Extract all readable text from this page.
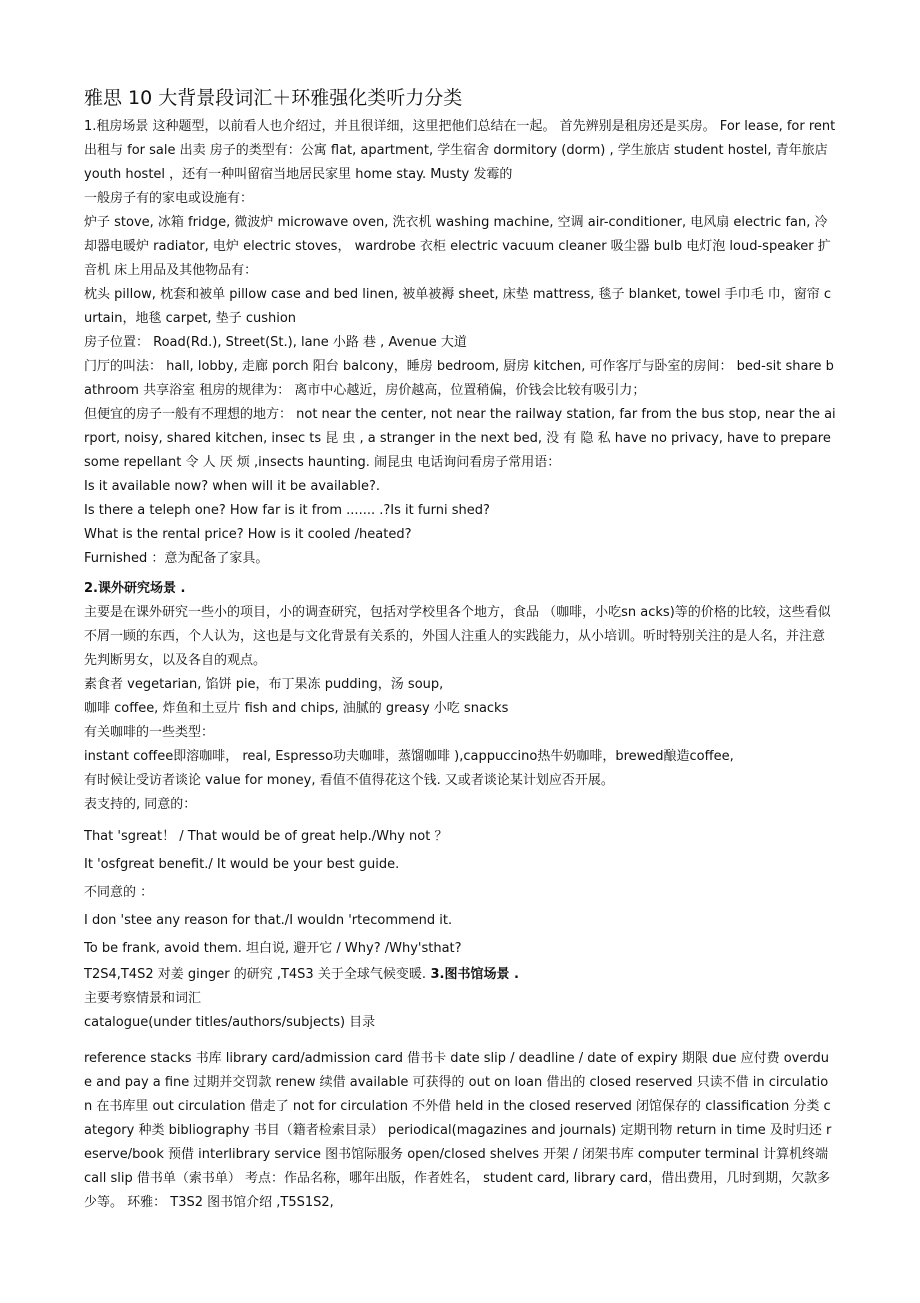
雅思 10 大背景段词汇＋环雅强化类听力分类

1.租房场景 这种题型，以前看人也介绍过，并且很详细，这里把他们总结在一起。 首先辨别是租房还是买房。 For lease, for rent 出租与 for sale 出卖 房子的类型有：公寓 flat, apartment, 学生宿舍 dormitory (dorm) , 学生旅店 student hostel, 青年旅店 youth hostel ，还有一种叫留宿当地居民家里 home stay. Musty 发霉的

一般房子有的家电或设施有：

炉子 stove, 冰箱 fridge, 微波炉 microwave oven, 洗衣机 washing machine, 空调 air-conditioner, 电风扇 electric fan, 冷却器电暖炉 radiator, 电炉 electric stoves， wardrobe 衣柜 electric vacuum cleaner 吸尘器 bulb 电灯泡 loud-speaker 扩音机 床上用品及其他物品有：

枕头 pillow, 枕套和被单 pillow case and bed linen, 被单被褥 sheet, 床垫 mattress, 毯子 blanket, towel 手巾毛 巾，窗帘 curtain，地毯 carpet, 垫子 cushion

房子位置： Road(Rd.), Street(St.), lane 小路 巷 , Avenue 大道

门厅的叫法： hall, lobby, 走廊 porch 阳台 balcony，睡房 bedroom, 厨房 kitchen, 可作客厅与卧室的房间： bed-sit share bathroom 共享浴室 租房的规律为： 离市中心越近，房价越高，位置稍偏，价钱会比较有吸引力；

但便宜的房子一般有不理想的地方： not near the center, not near the railway station, far from the bus stop, near the airport, noisy, shared kitchen, insec ts 昆 虫 , a stranger in the next bed, 没 有 隐 私 have no privacy, have to prepare some repellant 令 人 厌 烦 ,insects haunting. 闹昆虫 电话询问看房子常用语：

Is it available now? when will it be available?.

Is there a teleph one? How far is it from ....... .?Is it furni shed?

What is the rental price? How is it cooled /heated?

Furnished ：意为配备了家具。

2.课外研究场景 .

主要是在课外研究一些小的项目，小的调查研究，包括对学校里各个地方，食品 （咖啡，小吃sn acks)等的价格的比较，这些看似不屑一顾的东西，个人认为，这也是与文化背景有关系的，外国人注重人的实践能力，从小培训。听时特别关注的是人名，并注意先判断男女，以及各自的观点。

素食者 vegetarian, 馅饼 pie，布丁果冻 pudding，汤 soup,

咖啡 coffee, 炸鱼和土豆片 fish and chips, 油腻的 greasy 小吃 snacks

有关咖啡的一些类型：

instant coffee即溶咖啡， real, Espresso功夫咖啡，蒸馏咖啡 ),cappuccino热牛奶咖啡，brewed酿造coffee,

有时候让受访者谈论 value for money, 看值不值得花这个钱. 又或者谈论某计划应否开展。

表支持的, 同意的：

That 'sgreat！ / That would be of great help./Why not ？

It 'osfgreat benefit./ It would be your best guide.

不同意的 ：

I don 'stee any reason for that./I wouldn 'rtecommend it.

To be frank, avoid them. 坦白说, 避开它 / Why? /Why'sthat?

T2S4,T4S2 对姜 ginger 的研究 ,T4S3 关于全球气候变暖. 3.图书馆场景 .

主要考察情景和词汇

catalogue(under titles/authors/subjects) 目录

reference stacks 书库 library card/admission card 借书卡 date slip / deadline / date of expiry 期限 due 应付费 overdue and pay a fine 过期并交罚款 renew 续借 available 可获得的 out on loan 借出的 closed reserved 只读不借 in circulation 在书库里 out circulation 借走了 not for circulation 不外借 held in the closed reserved 闭馆保存的 classification 分类 category 种类 bibliography 书目（籍者检索目录） periodical(magazines and journals) 定期刊物 return in time 及时归还 reserve/book 预借 interlibrary service 图书馆际服务 open/closed shelves 开架 / 闭架书库 computer terminal 计算机终端 call slip 借书单（索书单） 考点：作品名称，哪年出版，作者姓名， student card, library card，借出费用，几时到期，欠款多少等。 环雅： T3S2 图书馆介绍 ,T5S1S2,
